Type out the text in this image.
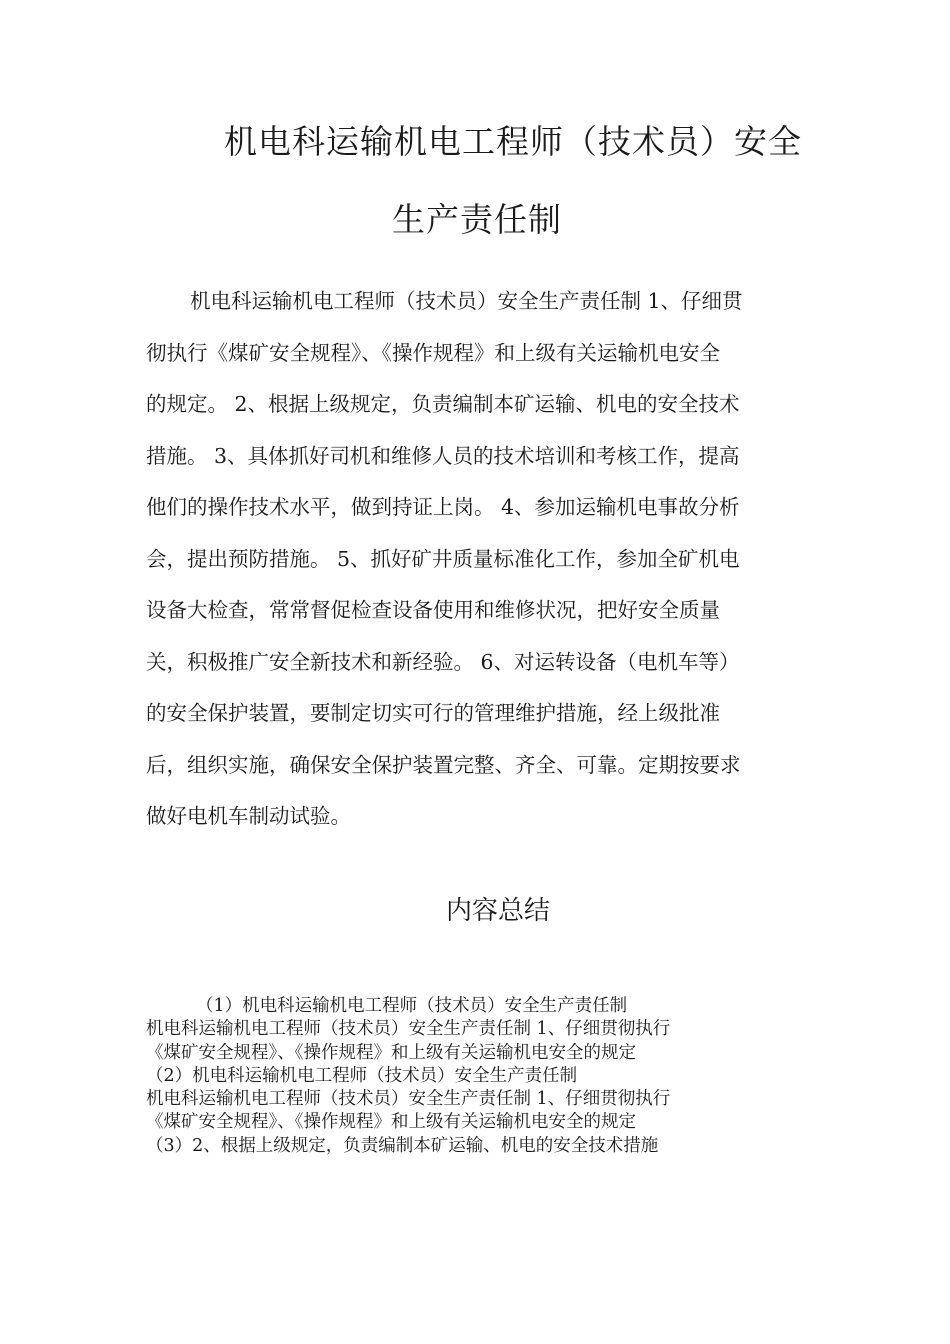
机电科运输机电工程师（技术员）安全
生产责任制
机电科运输机电工程师（技术员）安全生产责任制 1、仔细贯
彻执行《煤矿安全规程》、《操作规程》和上级有关运输机电安全
的规定。 2、根据上级规定，负责编制本矿运输、机电的安全技术
措施。 3、具体抓好司机和维修人员的技术培训和考核工作，提高
他们的操作技术水平，做到持证上岗。 4、参加运输机电事故分析
会，提出预防措施。 5、抓好矿井质量标准化工作，参加全矿机电
设备大检查，常常督促检查设备使用和维修状况，把好安全质量
关，积极推广安全新技术和新经验。 6、对运转设备（电机车等）
的安全保护装置，要制定切实可行的管理维护措施，经上级批准
后，组织实施，确保安全保护装置完整、齐全、可靠。定期按要求
做好电机车制动试验。
内容总结
（1）机电科运输机电工程师（技术员）安全生产责任制
机电科运输机电工程师（技术员）安全生产责任制 1、仔细贯彻执行
《煤矿安全规程》、《操作规程》和上级有关运输机电安全的规定
（2）机电科运输机电工程师（技术员）安全生产责任制
机电科运输机电工程师（技术员）安全生产责任制 1、仔细贯彻执行
《煤矿安全规程》、《操作规程》和上级有关运输机电安全的规定
（3）2、根据上级规定，负责编制本矿运输、机电的安全技术措施
